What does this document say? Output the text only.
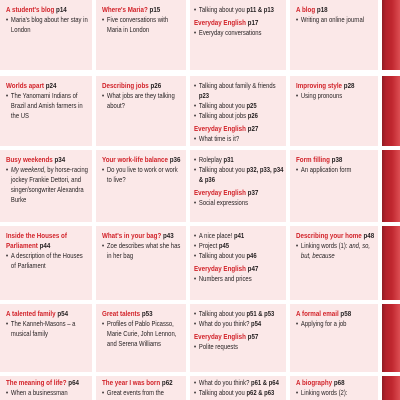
A student's blog p14
• Maria's blog about her stay in London
Where's Maria? p15
• Five conversations with Maria in London
• Talking about you p11 & p13
Everyday English p17
• Everyday conversations
A blog p18
• Writing an online journal
Worlds apart p24
• The Yanomami Indians of Brazil and Amish farmers in the US
Describing jobs p26
• What jobs are they talking about?
• Talking about family & friends p23
• Talking about you p25
• Talking about jobs p26
Everyday English p27
• What time is it?
Improving style p28
• Using pronouns
Busy weekends p34
• My weekend, by horse-racing jockey Frankie Dettori, and singer/songwriter Alexandra Burke
Your work-life balance p36
• Do you live to work or work to live?
• Roleplay p31
• Talking about you p32, p33, p34 & p36
Everyday English p37
• Social expressions
Form filling p38
• An application form
Inside the Houses of Parliament p44
• A description of the Houses of Parliament
What's in your bag? p43
• Zoe describes what she has in her bag
• A nice place! p41
• Project p45
• Talking about you p46
Everyday English p47
• Numbers and prices
Describing your home p48
• Linking words (1): and, so, but, because
A talented family p54
• The Kanneh-Masons – a musical family
Great talents p53
• Profiles of Pablo Picasso, Marie Curie, John Lennon, and Serena Williams
• Talking about you p51 & p53
• What do you think? p54
Everyday English p57
• Polite requests
A formal email p58
• Applying for a job
The meaning of life? p64
• When a businessman
The year I was born p62
• Great events from the
• What do you think? p61 & p64
• Talking about you p62 & p63
A biography p68
• Linking words (2):
